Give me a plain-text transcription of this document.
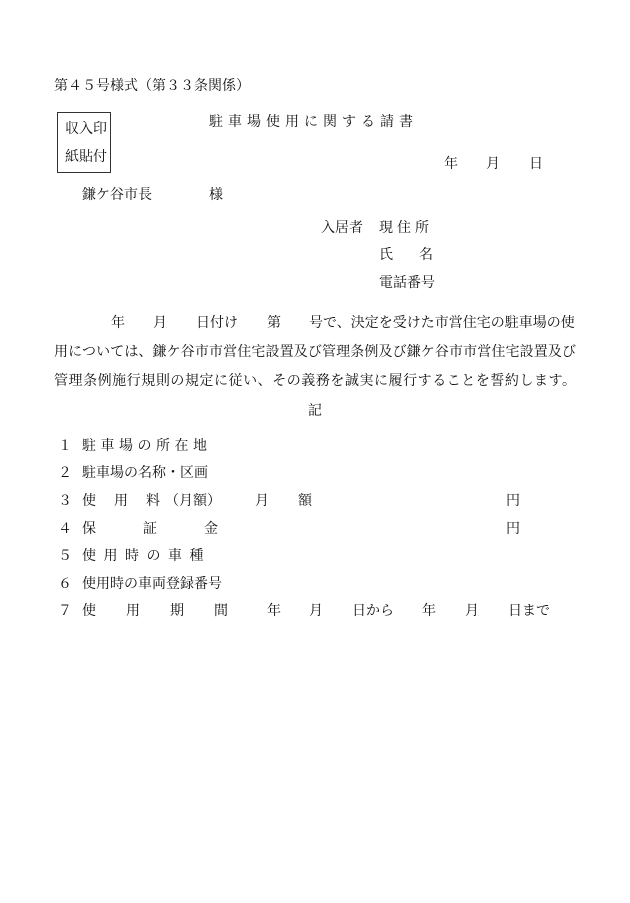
第４５号様式（第３３条関係）
収入印
紙貼付
駐車場使用に関する請書
年 月 日
鎌ケ谷市長	様
入居者 現住所
氏名
電話番号
年 月 日付け 第 号で、決定を受けた市営住宅の駐車場の使
用については、鎌ケ谷市市営住宅設置及び管理条例及び鎌ケ谷市市営住宅設置及び
管理条例施行規則の規定に従い、その義務を誠実に履行することを誓約します。
記
１ 駐車場の所在地
２ 駐車場の名称・区画
３ 使用料
（月額） 月 額	円
４ 保証金	円
５ 使用時の車種
６ 使用時の車両登録番号
７ 使用期間 年 月 日から 年 月 日まで
